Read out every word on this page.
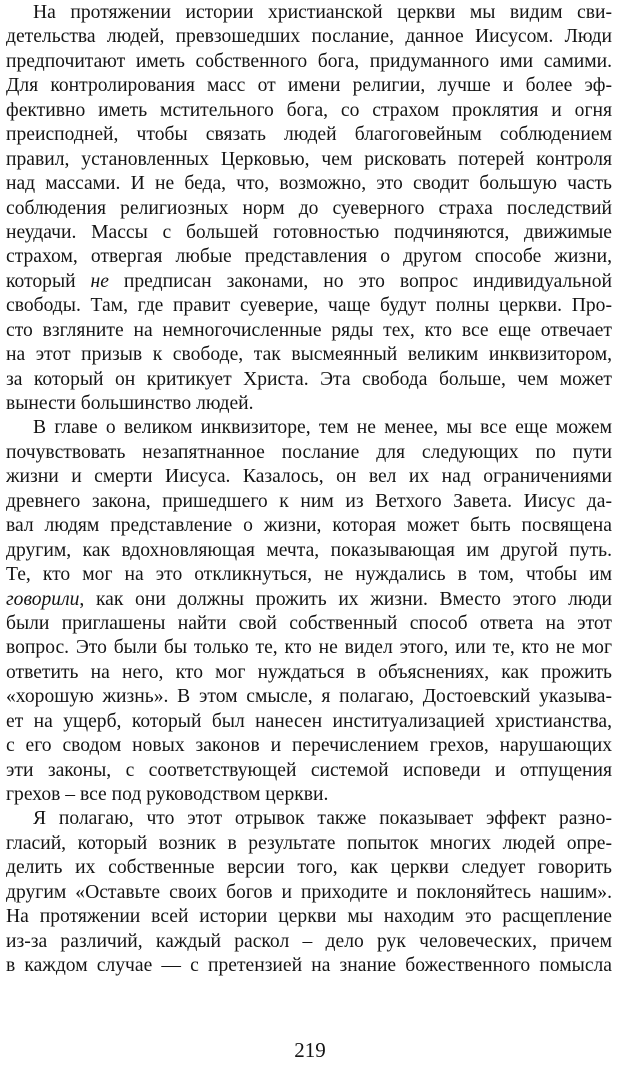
На протяжении истории христианской церкви мы видим сви-
детельства людей, превзошедших послание, данное Иисусом. Люди
предпочитают иметь собственного бога, придуманного ими самими.
Для контролирования масс от имени религии, лучше и более эф-
фективно иметь мстительного бога, со страхом проклятия и огня
преисподней, чтобы связать людей благоговейным соблюдением
правил, установленных Церковью, чем рисковать потерей контроля
над массами. И не беда, что, возможно, это сводит большую часть
соблюдения религиозных норм до суеверного страха последствий
неудачи. Массы с большей готовностью подчиняются, движимые
страхом, отвергая любые представления о другом способе жизни,
который не предписан законами, но это вопрос индивидуальной
свободы. Там, где правит суеверие, чаще будут полны церкви. Про-
сто взгляните на немногочисленные ряды тех, кто все еще отвечает
на этот призыв к свободе, так высмеянный великим инквизитором,
за который он критикует Христа. Эта свобода больше, чем может
вынести большинство людей.
В главе о великом инквизиторе, тем не менее, мы все еще можем
почувствовать незапятнанное послание для следующих по пути
жизни и смерти Иисуса. Казалось, он вел их над ограничениями
древнего закона, пришедшего к ним из Ветхого Завета. Иисус да-
вал людям представление о жизни, которая может быть посвящена
другим, как вдохновляющая мечта, показывающая им другой путь.
Те, кто мог на это откликнуться, не нуждались в том, чтобы им
говорили, как они должны прожить их жизни. Вместо этого люди
были приглашены найти свой собственный способ ответа на этот
вопрос. Это были бы только те, кто не видел этого, или те, кто не мог
ответить на него, кто мог нуждаться в объяснениях, как прожить
«хорошую жизнь». В этом смысле, я полагаю, Достоевский указыва-
ет на ущерб, который был нанесен институализацией христианства,
с его сводом новых законов и перечислением грехов, нарушающих
эти законы, с соответствующей системой исповеди и отпущения
грехов – все под руководством церкви.
Я полагаю, что этот отрывок также показывает эффект разно-
гласий, который возник в результате попыток многих людей опре-
делить их собственные версии того, как церкви следует говорить
другим «Оставьте своих богов и приходите и поклоняйтесь нашим».
На протяжении всей истории церкви мы находим это расщепление
из-за различий, каждый раскол – дело рук человеческих, причем
в каждом случае — с претензией на знание божественного помысла
219
